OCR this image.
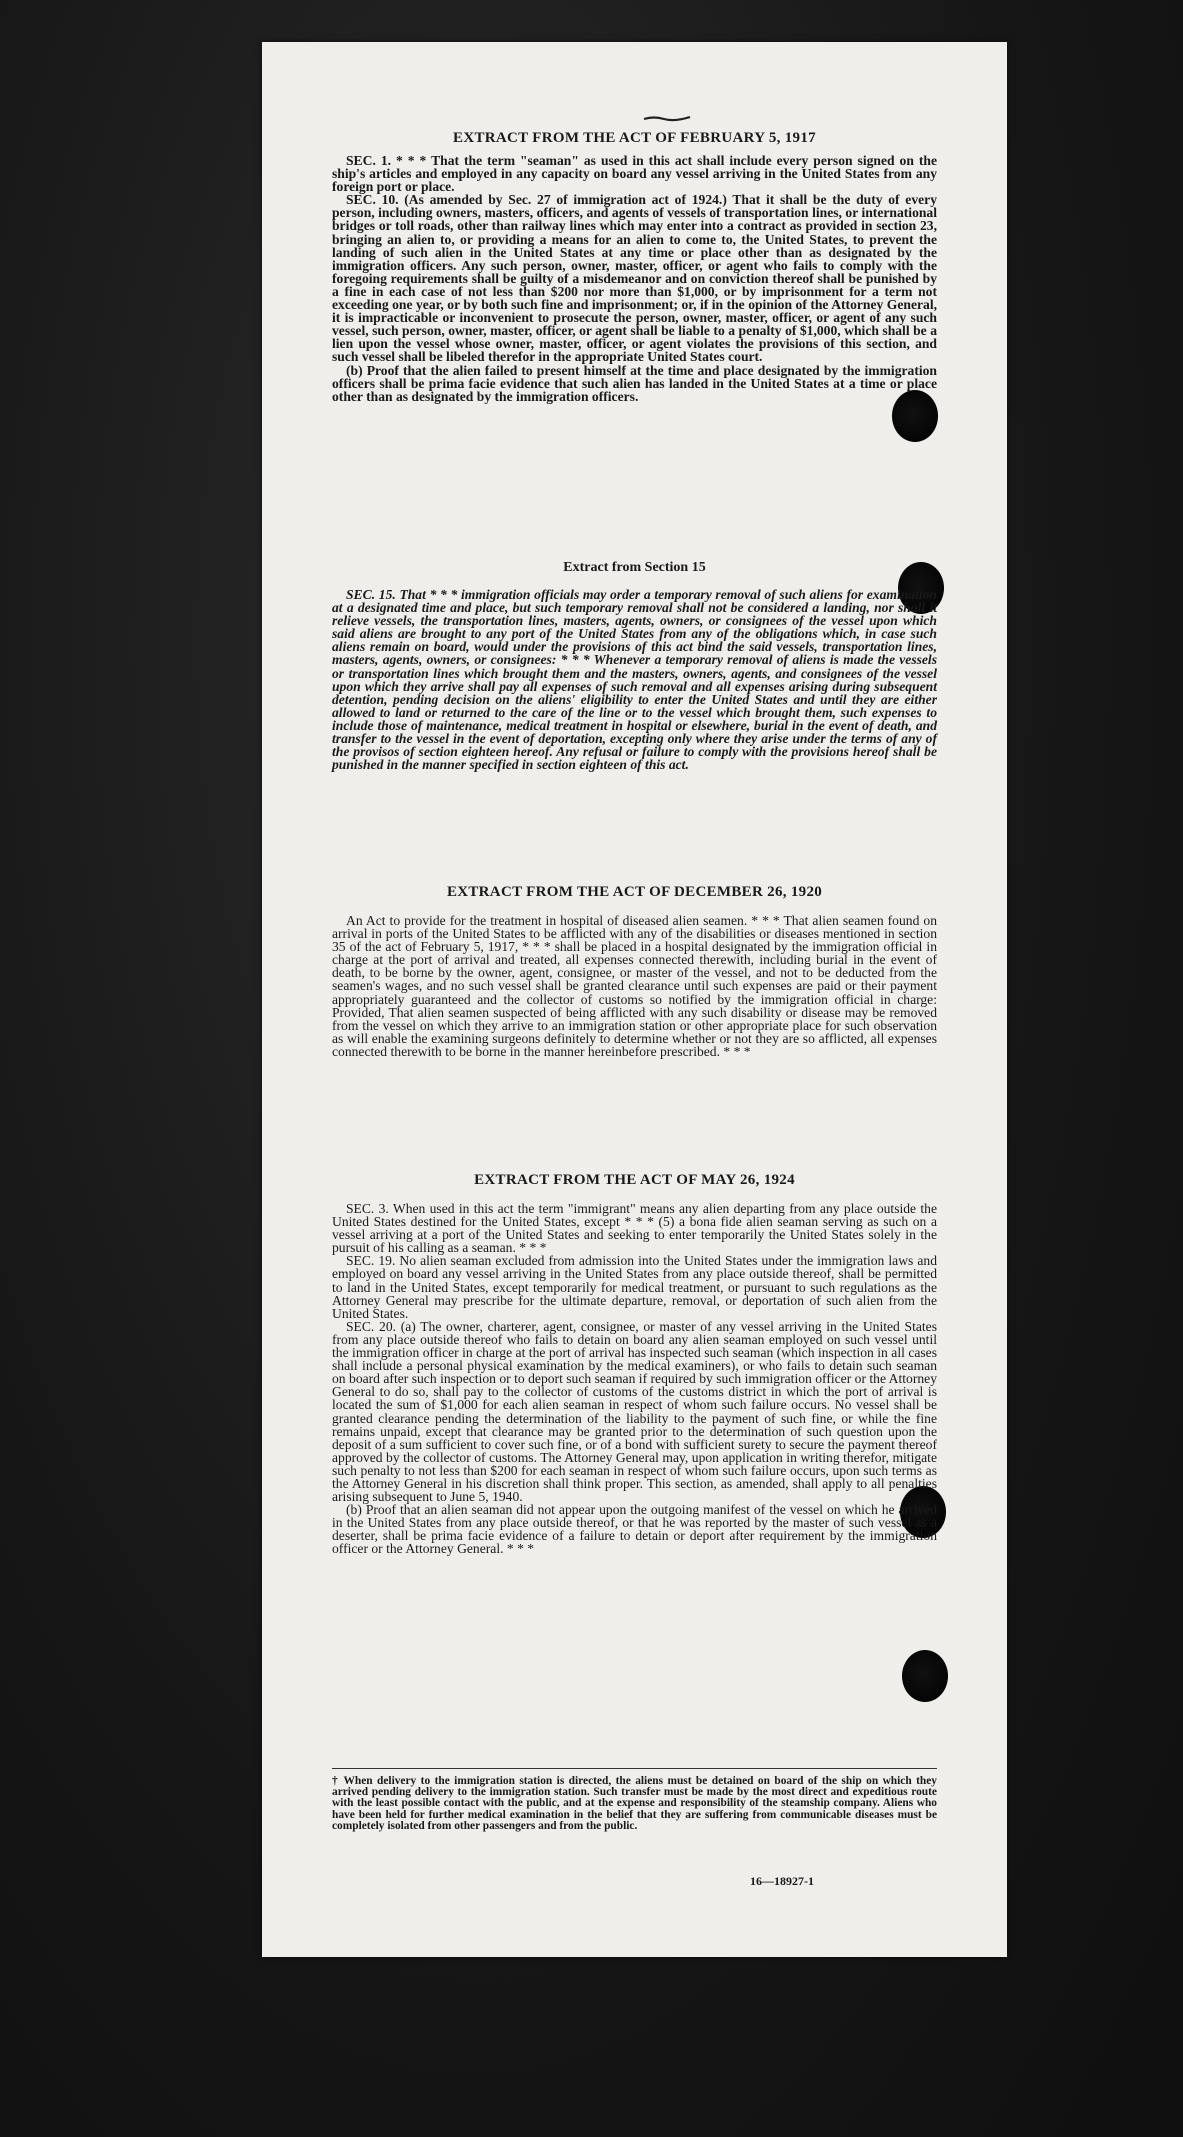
EXTRACT FROM THE ACT OF FEBRUARY 5, 1917

SEC. 1. * * * That the term "seaman" as used in this act shall include every person signed on the ship's articles and employed in any capacity on board any vessel arriving in the United States from any foreign port or place.

SEC. 10. (As amended by Sec. 27 of immigration act of 1924.) That it shall be the duty of every person, including owners, masters, officers, and agents of vessels of transportation lines, or international bridges or toll roads, other than railway lines which may enter into a contract as provided in section 23, bringing an alien to, or providing a means for an alien to come to, the United States, to prevent the landing of such alien in the United States at any time or place other than as designated by the immigration officers. Any such person, owner, master, officer, or agent who fails to comply with the foregoing requirements shall be guilty of a misdemeanor and on conviction thereof shall be punished by a fine in each case of not less than $200 nor more than $1,000, or by imprisonment for a term not exceeding one year, or by both such fine and imprisonment; or, if in the opinion of the Attorney General, it is impracticable or inconvenient to prosecute the person, owner, master, officer, or agent of any such vessel, such person, owner, master, officer, or agent shall be liable to a penalty of $1,000, which shall be a lien upon the vessel whose owner, master, officer, or agent violates the provisions of this section, and such vessel shall be libeled therefor in the appropriate United States court.

(b) Proof that the alien failed to present himself at the time and place designated by the immigration officers shall be prima facie evidence that such alien has landed in the United States at a time or place other than as designated by the immigration officers.

Extract from Section 15

SEC. 15. That * * * immigration officials may order a temporary removal of such aliens for examination at a designated time and place, but such temporary removal shall not be considered a landing, nor shall it relieve vessels, the transportation lines, masters, agents, owners, or consignees of the vessel upon which said aliens are brought to any port of the United States from any of the obligations which, in case such aliens remain on board, would under the provisions of this act bind the said vessels, transportation lines, masters, agents, owners, or consignees: * * * Whenever a temporary removal of aliens is made the vessels or transportation lines which brought them and the masters, owners, agents, and consignees of the vessel upon which they arrive shall pay all expenses of such removal and all expenses arising during subsequent detention, pending decision on the aliens' eligibility to enter the United States and until they are either allowed to land or returned to the care of the line or to the vessel which brought them, such expenses to include those of maintenance, medical treatment in hospital or elsewhere, burial in the event of death, and transfer to the vessel in the event of deportation, excepting only where they arise under the terms of any of the provisos of section eighteen hereof. Any refusal or failure to comply with the provisions hereof shall be punished in the manner specified in section eighteen of this act.

EXTRACT FROM THE ACT OF DECEMBER 26, 1920

An Act to provide for the treatment in hospital of diseased alien seamen. * * * That alien seamen found on arrival in ports of the United States to be afflicted with any of the disabilities or diseases mentioned in section 35 of the act of February 5, 1917, * * * shall be placed in a hospital designated by the immigration official in charge at the port of arrival and treated, all expenses connected therewith, including burial in the event of death, to be borne by the owner, agent, consignee, or master of the vessel, and not to be deducted from the seamen's wages, and no such vessel shall be granted clearance until such expenses are paid or their payment appropriately guaranteed and the collector of customs so notified by the immigration official in charge: Provided, That alien seamen suspected of being afflicted with any such disability or disease may be removed from the vessel on which they arrive to an immigration station or other appropriate place for such observation as will enable the examining surgeons definitely to determine whether or not they are so afflicted, all expenses connected therewith to be borne in the manner hereinbefore prescribed. * * *

EXTRACT FROM THE ACT OF MAY 26, 1924

SEC. 3. When used in this act the term "immigrant" means any alien departing from any place outside the United States destined for the United States, except * * * (5) a bona fide alien seaman serving as such on a vessel arriving at a port of the United States and seeking to enter temporarily the United States solely in the pursuit of his calling as a seaman. * * *

SEC. 19. No alien seaman excluded from admission into the United States under the immigration laws and employed on board any vessel arriving in the United States from any place outside thereof, shall be permitted to land in the United States, except temporarily for medical treatment, or pursuant to such regulations as the Attorney General may prescribe for the ultimate departure, removal, or deportation of such alien from the United States.

SEC. 20. (a) The owner, charterer, agent, consignee, or master of any vessel arriving in the United States from any place outside thereof who fails to detain on board any alien seaman employed on such vessel until the immigration officer in charge at the port of arrival has inspected such seaman (which inspection in all cases shall include a personal physical examination by the medical examiners), or who fails to detain such seaman on board after such inspection or to deport such seaman if required by such immigration officer or the Attorney General to do so, shall pay to the collector of customs of the customs district in which the port of arrival is located the sum of $1,000 for each alien seaman in respect of whom such failure occurs. No vessel shall be granted clearance pending the determination of the liability to the payment of such fine, or while the fine remains unpaid, except that clearance may be granted prior to the determination of such question upon the deposit of a sum sufficient to cover such fine, or of a bond with sufficient surety to secure the payment thereof approved by the collector of customs. The Attorney General may, upon application in writing therefor, mitigate such penalty to not less than $200 for each seaman in respect of whom such failure occurs, upon such terms as the Attorney General in his discretion shall think proper. This section, as amended, shall apply to all penalties arising subsequent to June 5, 1940.

(b) Proof that an alien seaman did not appear upon the outgoing manifest of the vessel on which he arrived in the United States from any place outside thereof, or that he was reported by the master of such vessel as a deserter, shall be prima facie evidence of a failure to detain or deport after requirement by the immigration officer or the Attorney General. * * *

† When delivery to the immigration station is directed, the aliens must be detained on board of the ship on which they arrived pending delivery to the immigration station. Such transfer must be made by the most direct and expeditious route with the least possible contact with the public, and at the expense and responsibility of the steamship company. Aliens who have been held for further medical examination in the belief that they are suffering from communicable diseases must be completely isolated from other passengers and from the public.
16—18927-1
